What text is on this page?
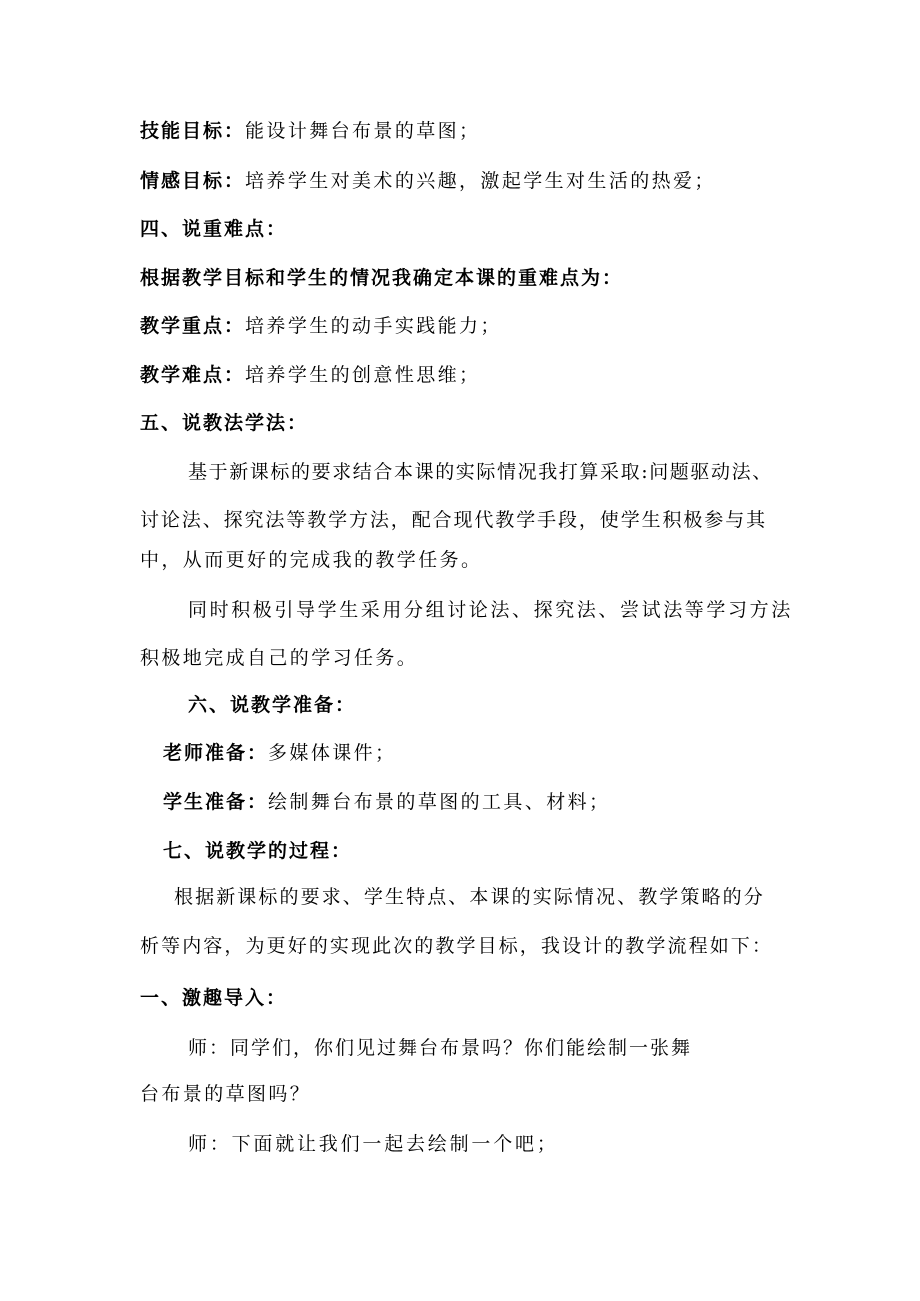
技能目标：能设计舞台布景的草图；
情感目标：培养学生对美术的兴趣，激起学生对生活的热爱；
四、说重难点：
根据教学目标和学生的情况我确定本课的重难点为：
教学重点：培养学生的动手实践能力；
教学难点：培养学生的创意性思维；
五、说教法学法：
基于新课标的要求结合本课的实际情况我打算采取:问题驱动法、
讨论法、探究法等教学方法，配合现代教学手段，使学生积极参与其
中，从而更好的完成我的教学任务。
同时积极引导学生采用分组讨论法、探究法、尝试法等学习方法
积极地完成自己的学习任务。
六、说教学准备：
老师准备：多媒体课件；
学生准备：绘制舞台布景的草图的工具、材料；
七、说教学的过程：
根据新课标的要求、学生特点、本课的实际情况、教学策略的分
析等内容，为更好的实现此次的教学目标，我设计的教学流程如下：
一、激趣导入：
师：同学们，你们见过舞台布景吗？你们能绘制一张舞
台布景的草图吗？
师：下面就让我们一起去绘制一个吧；
